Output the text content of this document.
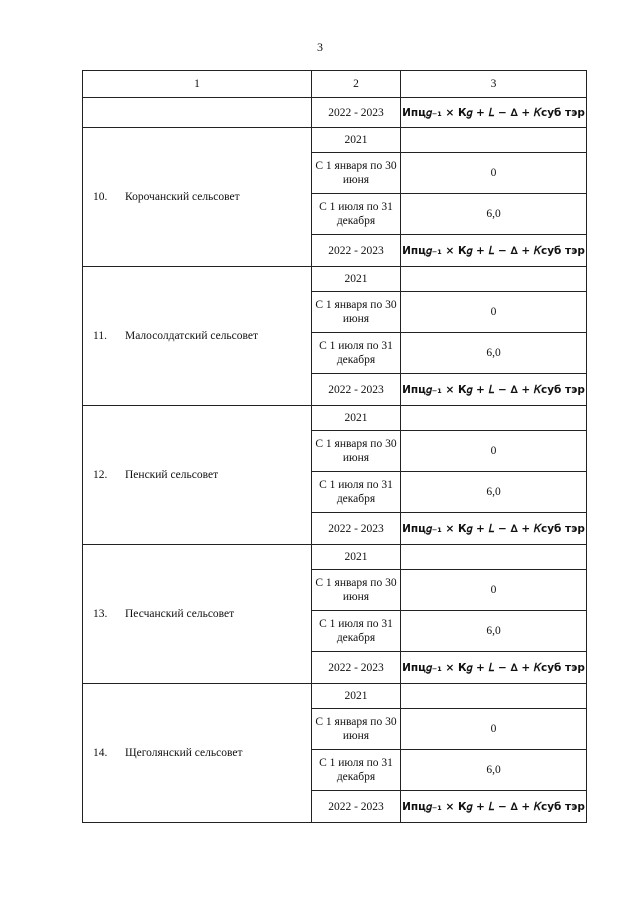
3
1	2	3
	2022 - 2023	Ипц𝑔₋₁ × К𝑔 + 𝐿 − ∆ + 𝐾суб тэр
10. Корочанский сельсовет	2021	
	С 1 января по 30 июня	0
	С 1 июля по 31 декабря	6,0
	2022 - 2023	Ипц𝑔₋₁ × К𝑔 + 𝐿 − ∆ + 𝐾суб тэр
11. Малосолдатский сельсовет	2021	
	С 1 января по 30 июня	0
	С 1 июля по 31 декабря	6,0
	2022 - 2023	Ипц𝑔₋₁ × К𝑔 + 𝐿 − ∆ + 𝐾суб тэр
12. Пенский сельсовет	2021	
	С 1 января по 30 июня	0
	С 1 июля по 31 декабря	6,0
	2022 - 2023	Ипц𝑔₋₁ × К𝑔 + 𝐿 − ∆ + 𝐾суб тэр
13. Песчанский сельсовет	2021	
	С 1 января по 30 июня	0
	С 1 июля по 31 декабря	6,0
	2022 - 2023	Ипц𝑔₋₁ × К𝑔 + 𝐿 − ∆ + 𝐾суб тэр
14. Щеголянский сельсовет	2021	
	С 1 января по 30 июня	0
	С 1 июля по 31 декабря	6,0
	2022 - 2023	Ипц𝑔₋₁ × К𝑔 + 𝐿 − ∆ + 𝐾суб тэр
